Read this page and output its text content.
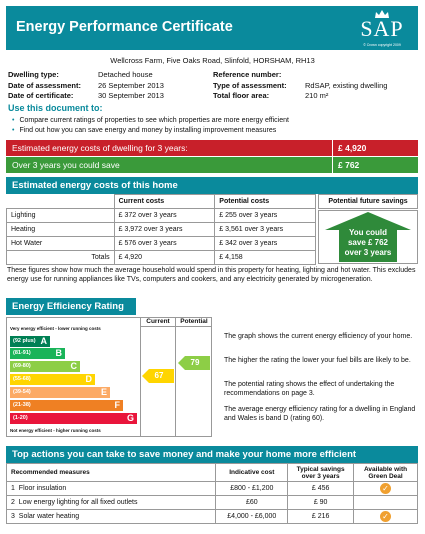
Energy Performance Certificate	SAP
© Crown copyright 2009
Wellcross Farm, Five Oaks Road, Slinfold, HORSHAM, RH13
Dwelling type:	Detached house
Date of assessment: 26 September 2013
Date of certificate:	30 September 2013
Reference number:
Type of assessment: RdSAP, existing dwelling
Total floor area:	210 m²
Use this document to:
• Compare current ratings of properties to see which properties are more energy efficient
• Find out how you can save energy and money by installing improvement measures
Estimated energy costs of dwelling for 3 years:	£ 4,920
Over 3 years you could save	£ 762
Estimated energy costs of this home
	Current costs	Potential costs
Lighting	£ 372 over 3 years	£ 255 over 3 years
Heating	£ 3,972 over 3 years	£ 3,561 over 3 years
Hot Water	£ 576 over 3 years	£ 342 over 3 years
Totals	£ 4,920	£ 4,158
Potential future savings
You could
save £ 762
over 3 years
These figures show how much the average household would spend in this property for heating, lighting and hot water. This excludes energy use for running appliances like TVs, computers and cookers, and any electricity generated by microgeneration.
Energy Efficiency Rating
Current	Potential
Very energy efficient - lower running costs
(92 plus) A
(81-91)	B
(69-80)	C
(55-68)	D
(39-54)	E
(21-38)	F
(1-20)	G
Not energy efficient - higher running costs
67
79
The graph shows the current energy efficiency of your home.
The higher the rating the lower your fuel bills are likely to be.
The potential rating shows the effect of undertaking the recommendations on page 3.
The average energy efficiency rating for a dwelling in England and Wales is band D (rating 60).
Top actions you can take to save money and make your home more efficient
Recommended measures	Indicative cost	Typical savings over 3 years	Available with Green Deal
1 Floor insulation	£800 - £1,200	£ 456	✓
2 Low energy lighting for all fixed outlets	£60	£ 90	
3 Solar water heating	£4,000 - £6,000	£ 216	✓
